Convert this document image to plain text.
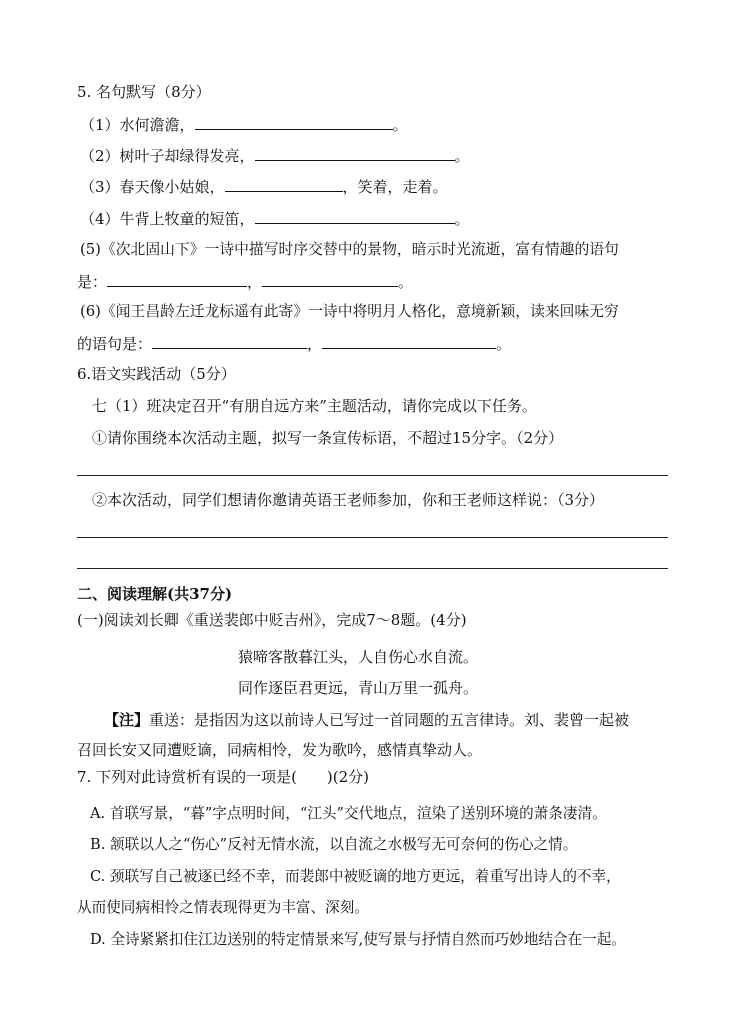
5. 名句默写（8分）
（1）水何澹澹，	。
（2）树叶子却绿得发亮，	。
（3）春天像小姑娘，	，笑着，走着。
（4）牛背上牧童的短笛，	。
(5)《次北固山下》一诗中描写时序交替中的景物，暗示时光流逝，富有情趣的语句
是：	，	。
(6)《闻王昌龄左迁龙标遥有此寄》一诗中将明月人格化，意境新颖，读来回味无穷
的语句是：	，	。
6.语文实践活动（5分）
七（1）班决定召开“有朋自远方来”主题活动，请你完成以下任务。
①请你围绕本次活动主题，拟写一条宣传标语，不超过15分字。（2分）
②本次活动，同学们想请你邀请英语王老师参加，你和王老师这样说：（3分）
二、阅读理解(共37分)
(一)阅读刘长卿《重送裴郎中贬吉州》，完成7～8题。(4分)
猿啼客散暮江头，人自伤心水自流。
同作逐臣君更远，青山万里一孤舟。
【注】重送：是指因为这以前诗人已写过一首同题的五言律诗。刘、裴曾一起被
召回长安又同遭贬谪，同病相怜，发为歌吟，感情真挚动人。
7. 下列对此诗赏析有误的一项是(　　)(2分)
A. 首联写景，“暮”字点明时间，“江头”交代地点，渲染了送别环境的萧条凄清。
B. 颔联以人之“伤心”反衬无情水流，以自流之水极写无可奈何的伤心之情。
C. 颈联写自己被逐已经不幸，而裴郎中被贬谪的地方更远，着重写出诗人的不幸，
从而使同病相怜之情表现得更为丰富、深刻。
D. 全诗紧紧扣住江边送别的特定情景来写,使写景与抒情自然而巧妙地结合在一起。
